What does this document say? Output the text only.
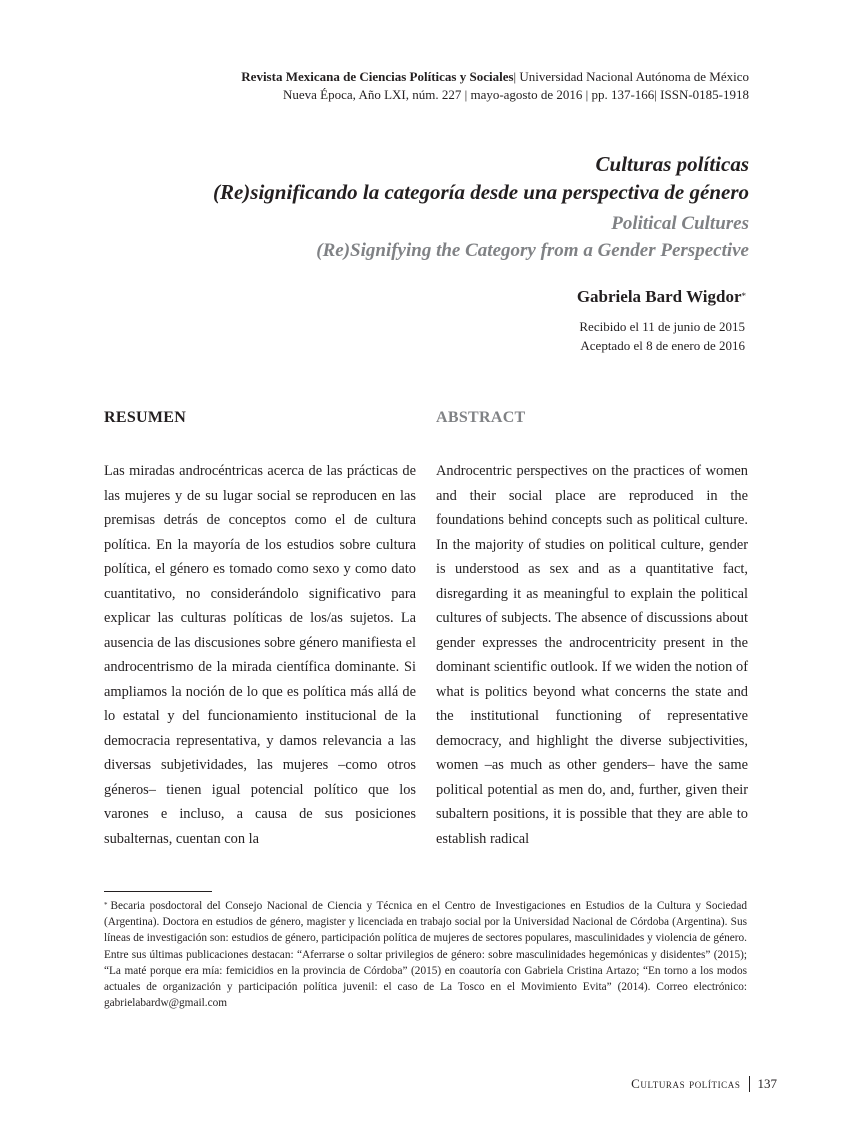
Revista Mexicana de Ciencias Políticas y Sociales| Universidad Nacional Autónoma de México
Nueva Época, Año LXI, núm. 227 | mayo-agosto de 2016 | pp. 137-166| ISSN-0185-1918
Culturas políticas
(Re)significando la categoría desde una perspectiva de género
Political Cultures
(Re)Signifying the Category from a Gender Perspective
Gabriela Bard Wigdor*
Recibido el 11 de junio de 2015
Aceptado el 8 de enero de 2016
RESUMEN

Las miradas androcéntricas acerca de las prácticas de las mujeres y de su lugar social se reproducen en las premisas detrás de conceptos como el de cultura política. En la mayoría de los estudios sobre cultura política, el género es tomado como sexo y como dato cuantitativo, no considerándolo significativo para explicar las culturas políticas de los/as sujetos. La ausencia de las discusiones sobre género manifiesta el androcentrismo de la mirada científica dominante. Si ampliamos la noción de lo que es política más allá de lo estatal y del funcionamiento institucional de la democracia representativa, y damos relevancia a las diversas subjetividades, las mujeres –como otros géneros– tienen igual potencial político que los varones e incluso, a causa de sus posiciones subalternas, cuentan con la

ABSTRACT

Androcentric perspectives on the practices of women and their social place are reproduced in the foundations behind concepts such as political culture. In the majority of studies on political culture, gender is understood as sex and as a quantitative fact, disregarding it as meaningful to explain the political cultures of subjects. The absence of discussions about gender expresses the androcentricity present in the dominant scientific outlook. If we widen the notion of what is politics beyond what concerns the state and the institutional functioning of representative democracy, and highlight the diverse subjectivities, women –as much as other genders– have the same political potential as men do, and, further, given their subaltern positions, it is possible that they are able to establish radical

* Becaria posdoctoral del Consejo Nacional de Ciencia y Técnica en el Centro de Investigaciones en Estudios de la Cultura y Sociedad (Argentina). Doctora en estudios de género, magister y licenciada en trabajo social por la Universidad Nacional de Córdoba (Argentina). Sus líneas de investigación son: estudios de género, participación política de mujeres de sectores populares, masculinidades y violencia de género. Entre sus últimas publicaciones destacan: “Aferrarse o soltar privilegios de género: sobre masculinidades hegemónicas y disidentes” (2015); “La maté porque era mía: femicidios en la provincia de Córdoba” (2015) en coautoría con Gabriela Cristina Artazo; “En torno a los modos actuales de organización y participación política juvenil: el caso de La Tosco en el Movimiento Evita” (2014). Correo electrónico: gabrielabardw@gmail.com
Culturas políticas 137
